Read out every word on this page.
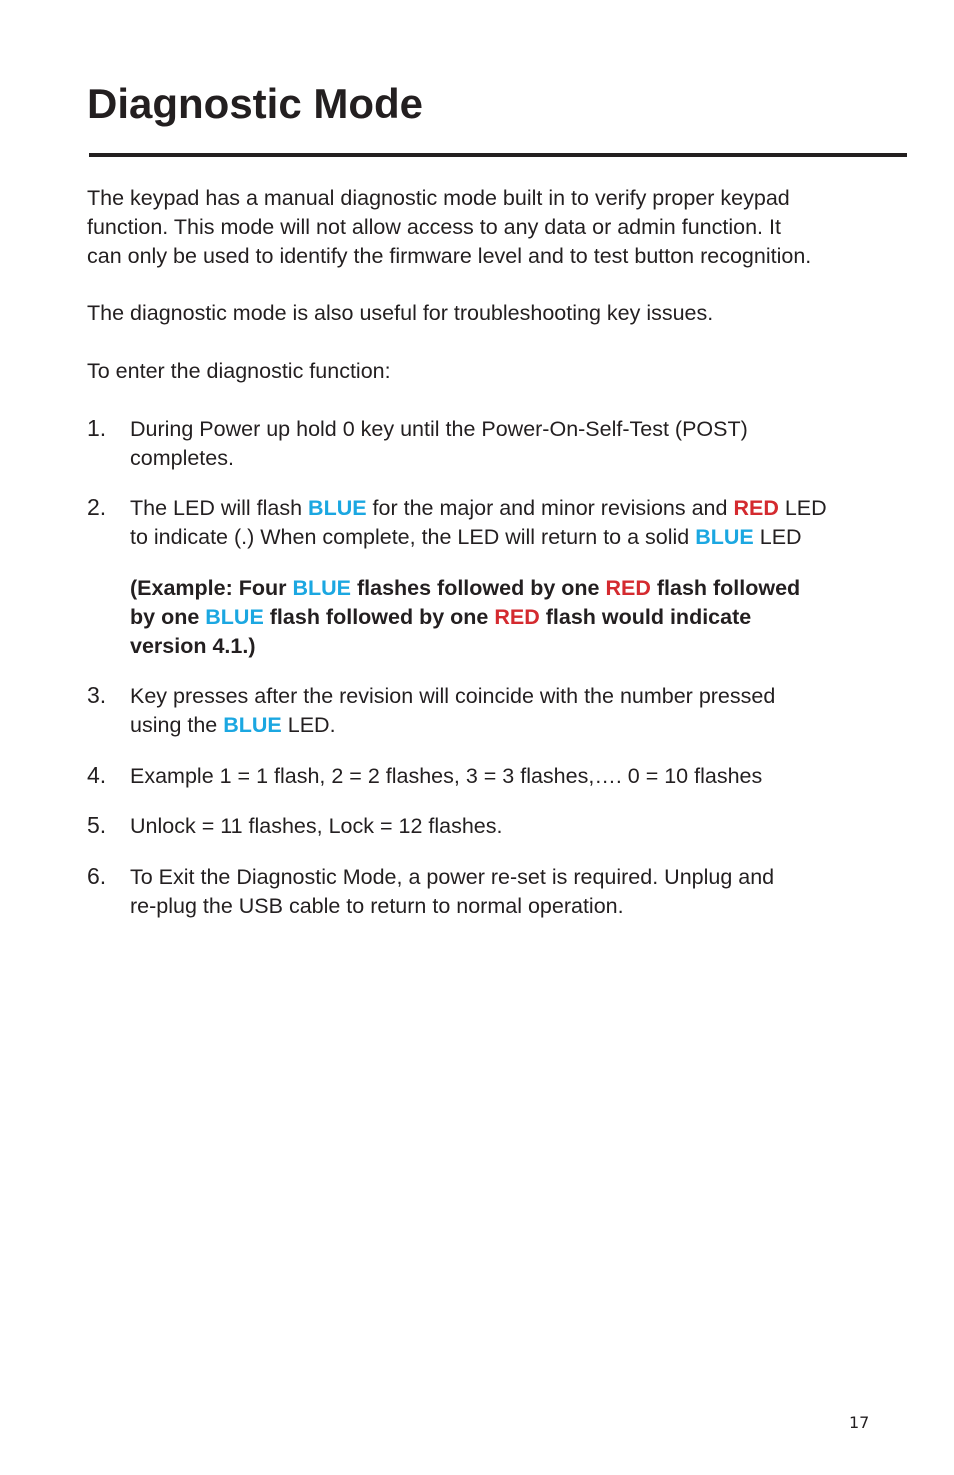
Diagnostic Mode

The keypad has a manual diagnostic mode built in to verify proper keypad
function. This mode will not allow access to any data or admin function. It
can only be used to identify the firmware level and to test button recognition.

The diagnostic mode is also useful for troubleshooting key issues.

To enter the diagnostic function:

1. During Power up hold 0 key until the Power-On-Self-Test (POST)
completes.
2. The LED will flash BLUE for the major and minor revisions and RED LED
to indicate (.) When complete, the LED will return to a solid BLUE LED
(Example: Four BLUE flashes followed by one RED flash followed
by one BLUE flash followed by one RED flash would indicate
version 4.1.)
3. Key presses after the revision will coincide with the number pressed
using the BLUE LED.
4. Example 1 = 1 flash, 2 = 2 flashes, 3 = 3 flashes,…. 0 = 10 flashes
5. Unlock = 11 flashes, Lock = 12 flashes.
6. To Exit the Diagnostic Mode, a power re-set is required. Unplug and
re-plug the USB cable to return to normal operation.
17
